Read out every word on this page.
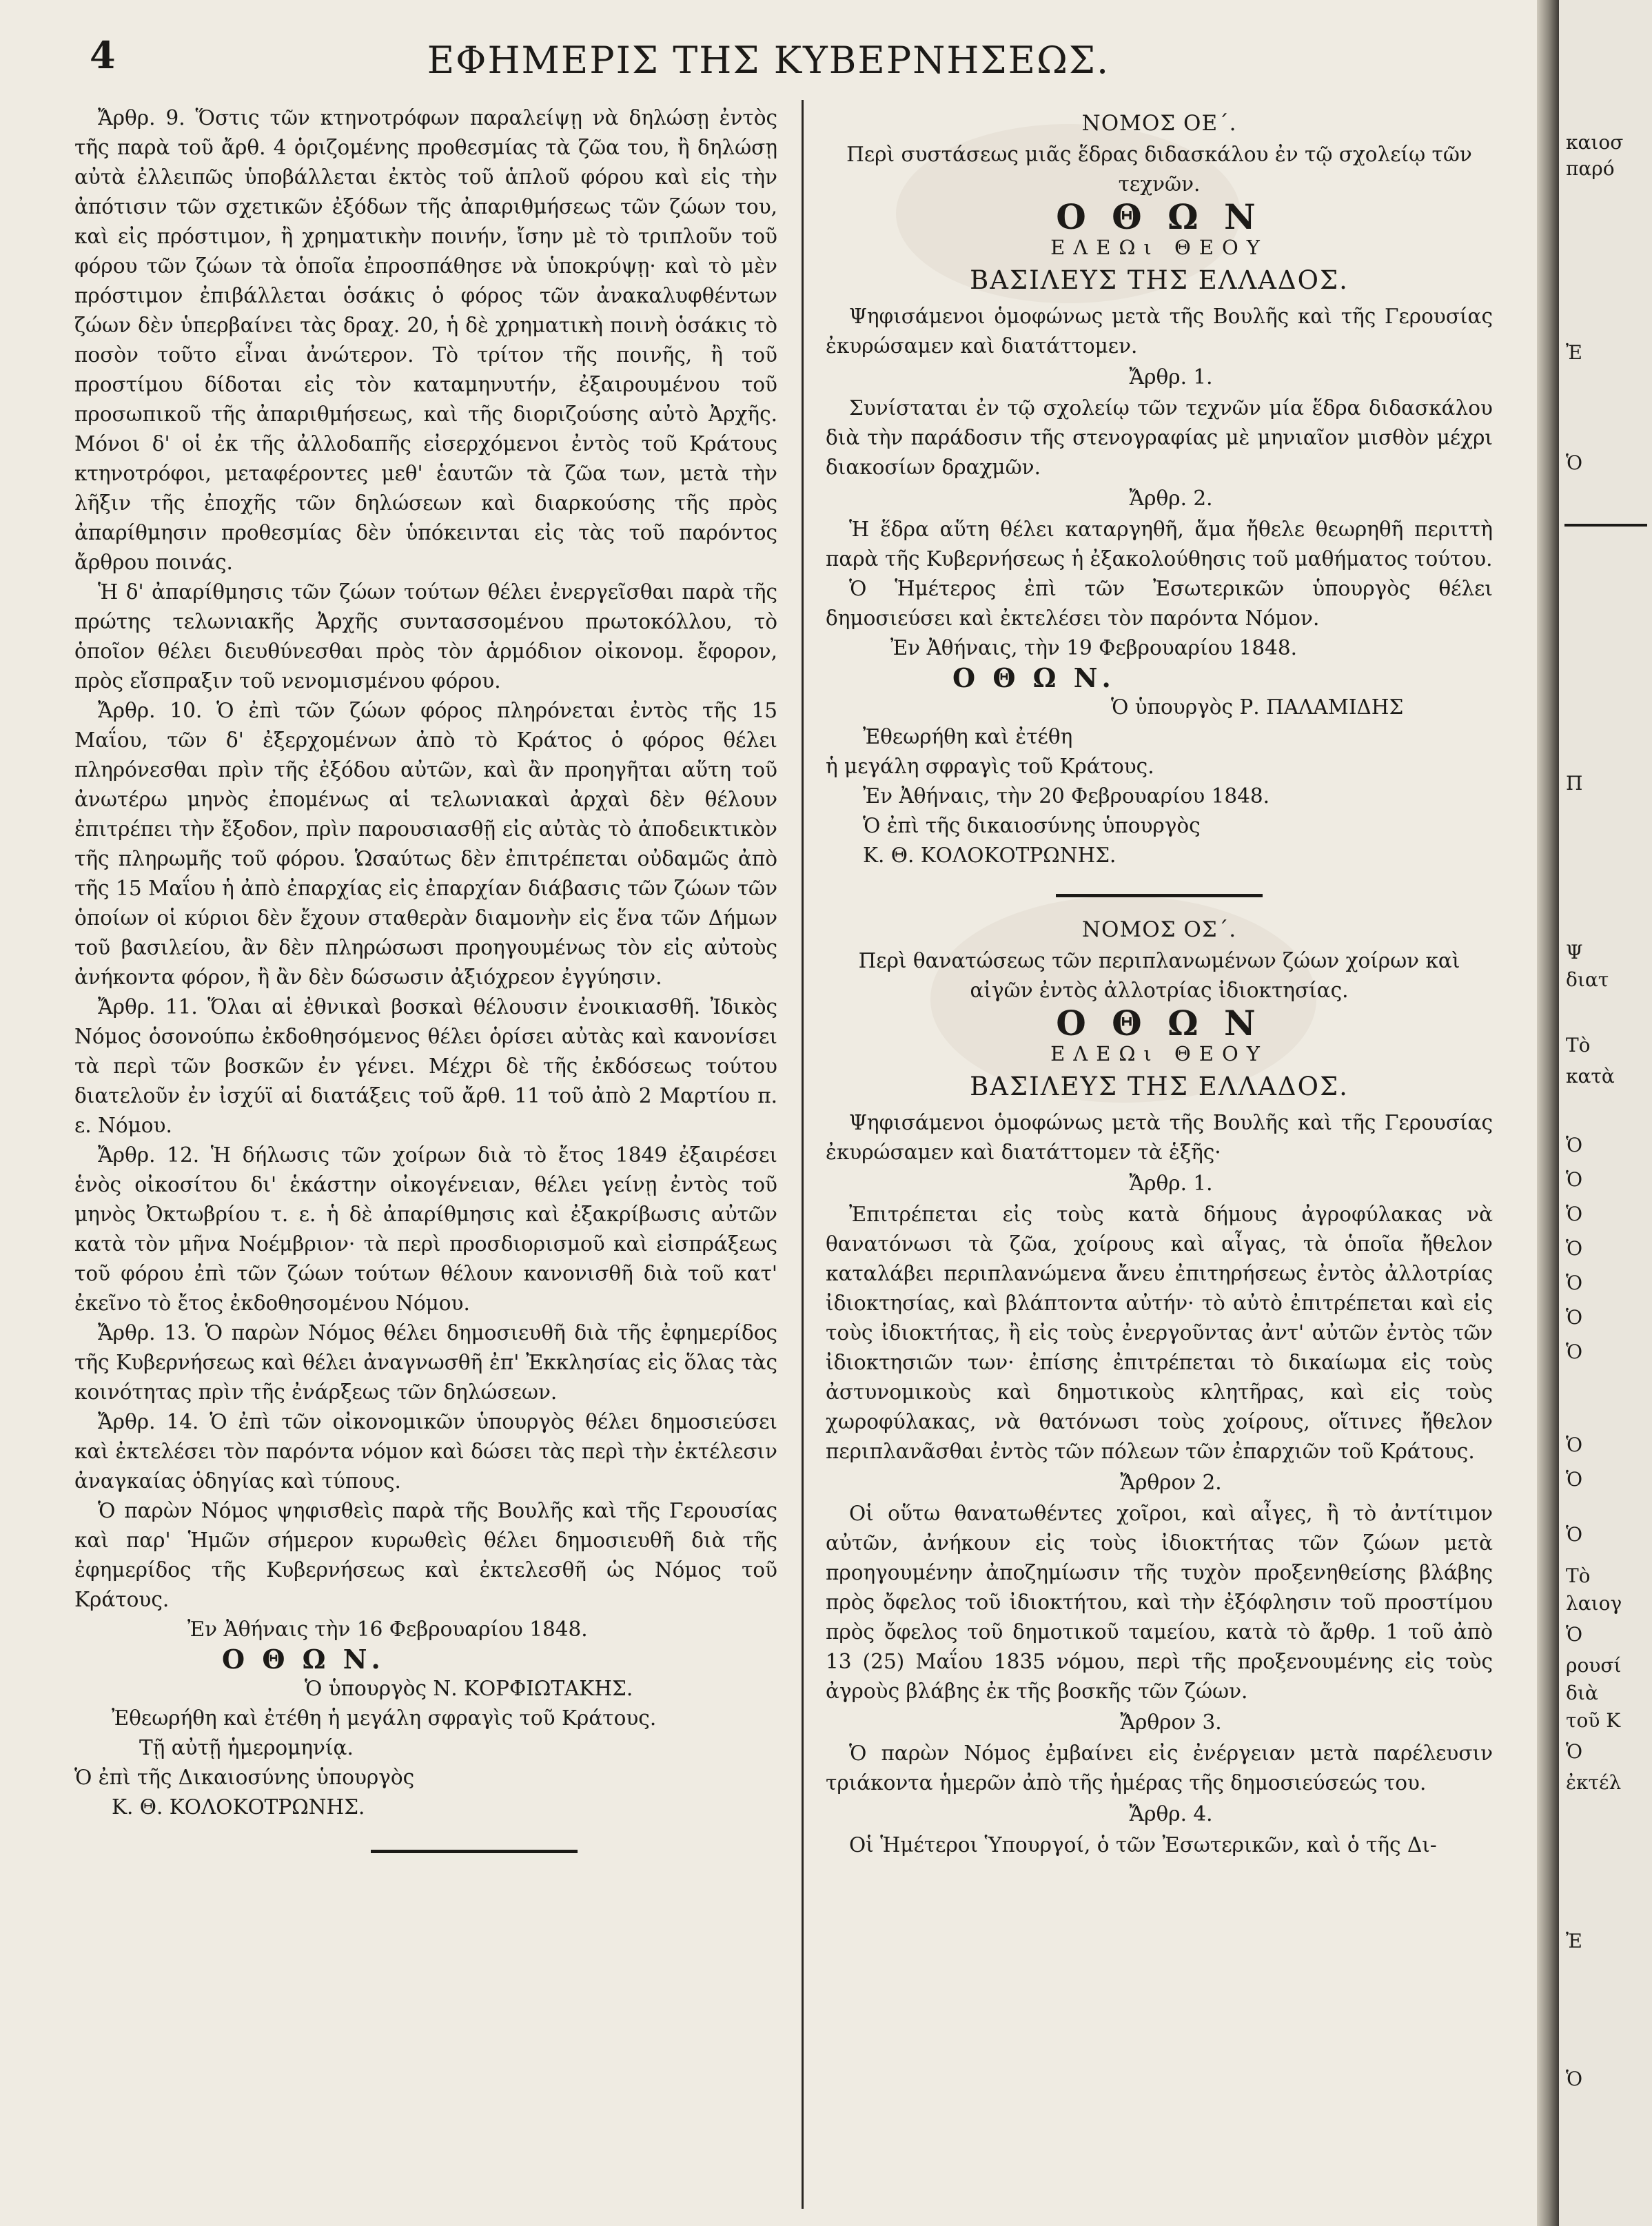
4	ΕΦΗΜΕΡΙΣ ΤΗΣ ΚΥΒΕΡΝΗΣΕΩΣ.

Ἄρθρ. 9. Ὅστις τῶν κτηνοτρόφων παραλείψῃ νὰ δηλώσῃ ἐντὸς τῆς παρὰ τοῦ ἄρθ. 4 ὁριζομένης προθεσμίας τὰ ζῶα του, ἢ δηλώσῃ αὐτὰ ἐλλειπῶς ὑποβάλλεται ἐκτὸς τοῦ ἁπλοῦ φόρου καὶ εἰς τὴν ἀπότισιν τῶν σχετικῶν ἐξόδων τῆς ἀπαριθμήσεως τῶν ζώων του, καὶ εἰς πρόστιμον, ἢ χρηματικὴν ποινήν, ἴσην μὲ τὸ τριπλοῦν τοῦ φόρου τῶν ζώων τὰ ὁποῖα ἐπροσπάθησε νὰ ὑποκρύψῃ· καὶ τὸ μὲν πρόστιμον ἐπιβάλλεται ὁσάκις ὁ φόρος τῶν ἀνακαλυφθέντων ζώων δὲν ὑπερβαίνει τὰς δραχ. 20, ἡ δὲ χρηματικὴ ποινὴ ὁσάκις τὸ ποσὸν τοῦτο εἶναι ἀνώτερον. Τὸ τρίτον τῆς ποινῆς, ἢ τοῦ προστίμου δίδοται εἰς τὸν καταμηνυτήν, ἐξαιρουμένου τοῦ προσωπικοῦ τῆς ἀπαριθμήσεως, καὶ τῆς διοριζούσης αὐτὸ Ἀρχῆς. Μόνοι δ' οἱ ἐκ τῆς ἀλλοδαπῆς εἰσερχόμενοι ἐντὸς τοῦ Κράτους κτηνοτρόφοι, μεταφέροντες μεθ' ἑαυτῶν τὰ ζῶα των, μετὰ τὴν λῆξιν τῆς ἐποχῆς τῶν δηλώσεων καὶ διαρκούσης τῆς πρὸς ἀπαρίθμησιν προθεσμίας δὲν ὑπόκεινται εἰς τὰς τοῦ παρόντος ἄρθρου ποινάς.

Ἡ δ' ἀπαρίθμησις τῶν ζώων τούτων θέλει ἐνεργεῖσθαι παρὰ τῆς πρώτης τελωνιακῆς Ἀρχῆς συντασσομένου πρωτοκόλλου, τὸ ὁποῖον θέλει διευθύνεσθαι πρὸς τὸν ἁρμόδιον οἰκονομ. ἔφορον, πρὸς εἴσπραξιν τοῦ νενομισμένου φόρου.

Ἄρθρ. 10. Ὁ ἐπὶ τῶν ζώων φόρος πληρόνεται ἐντὸς τῆς 15 Μαΐου, τῶν δ' ἐξερχομένων ἀπὸ τὸ Κράτος ὁ φόρος θέλει πληρόνεσθαι πρὶν τῆς ἐξόδου αὐτῶν, καὶ ἂν προηγῆται αὕτη τοῦ ἀνωτέρω μηνὸς ἐπομένως αἱ τελωνιακαὶ ἀρχαὶ δὲν θέλουν ἐπιτρέπει τὴν ἔξοδον, πρὶν παρουσιασθῇ εἰς αὐτὰς τὸ ἀποδεικτικὸν τῆς πληρωμῆς τοῦ φόρου. Ὡσαύτως δὲν ἐπιτρέπεται οὐδαμῶς ἀπὸ τῆς 15 Μαΐου ἡ ἀπὸ ἐπαρχίας εἰς ἐπαρχίαν διάβασις τῶν ζώων τῶν ὁποίων οἱ κύριοι δὲν ἔχουν σταθερὰν διαμονὴν εἰς ἕνα τῶν Δήμων τοῦ βασιλείου, ἂν δὲν πληρώσωσι προηγουμένως τὸν εἰς αὐτοὺς ἀνήκοντα φόρον, ἢ ἂν δὲν δώσωσιν ἀξιόχρεον ἐγγύησιν.

Ἄρθρ. 11. Ὅλαι αἱ ἐθνικαὶ βοσκαὶ θέλουσιν ἐνοικιασθῆ. Ἰδικὸς Νόμος ὁσονούπω ἐκδοθησόμενος θέλει ὁρίσει αὐτὰς καὶ κανονίσει τὰ περὶ τῶν βοσκῶν ἐν γένει. Μέχρι δὲ τῆς ἐκδόσεως τούτου διατελοῦν ἐν ἰσχύϊ αἱ διατάξεις τοῦ ἄρθ. 11 τοῦ ἀπὸ 2 Μαρτίου π. ε. Νόμου.

Ἄρθρ. 12. Ἡ δήλωσις τῶν χοίρων διὰ τὸ ἔτος 1849 ἐξαιρέσει ἑνὸς οἰκοσίτου δι' ἑκάστην οἰκογένειαν, θέλει γείνῃ ἐντὸς τοῦ μηνὸς Ὀκτωβρίου τ. ε. ἡ δὲ ἀπαρίθμησις καὶ ἐξακρίβωσις αὐτῶν κατὰ τὸν μῆνα Νοέμβριον· τὰ περὶ προσδιορισμοῦ καὶ εἰσπράξεως τοῦ φόρου ἐπὶ τῶν ζώων τούτων θέλουν κανονισθῆ διὰ τοῦ κατ' ἐκεῖνο τὸ ἔτος ἐκδοθησομένου Νόμου.

Ἄρθρ. 13. Ὁ παρὼν Νόμος θέλει δημοσιευθῆ διὰ τῆς ἐφημερίδος τῆς Κυβερνήσεως καὶ θέλει ἀναγνωσθῆ ἐπ' Ἐκκλησίας εἰς ὅλας τὰς κοινότητας πρὶν τῆς ἐνάρξεως τῶν δηλώσεων.

Ἄρθρ. 14. Ὁ ἐπὶ τῶν οἰκονομικῶν ὑπουργὸς θέλει δημοσιεύσει καὶ ἐκτελέσει τὸν παρόντα νόμον καὶ δώσει τὰς περὶ τὴν ἐκτέλεσιν ἀναγκαίας ὁδηγίας καὶ τύπους.

Ὁ παρὼν Νόμος ψηφισθεὶς παρὰ τῆς Βουλῆς καὶ τῆς Γερουσίας καὶ παρ' Ἡμῶν σήμερον κυρωθεὶς θέλει δημοσιευθῆ διὰ τῆς ἐφημερίδος τῆς Κυβερνήσεως καὶ ἐκτελεσθῆ ὡς Νόμος τοῦ Κράτους.

Ἐν Ἀθήναις τὴν 16 Φεβρουαρίου 1848.

Ο Θ Ω Ν.

Ὁ ὑπουργὸς Ν. ΚΟΡΦΙΩΤΑΚΗΣ.

Ἐθεωρήθη καὶ ἐτέθη ἡ μεγάλη σφραγὶς τοῦ Κράτους.

Τῇ αὐτῇ ἡμερομηνίᾳ.

Ὁ ἐπὶ τῆς Δικαιοσύνης ὑπουργὸς

Κ. Θ. ΚΟΛΟΚΟΤΡΩΝΗΣ.

ΝΟΜΟΣ ΟΕ΄.
Περὶ συστάσεως μιᾶς ἕδρας διδασκάλου ἐν τῷ σχολείῳ τῶν τεχνῶν.
Ο Θ Ω Ν
ΕΛΕΩι ΘΕΟΥ
ΒΑΣΙΛΕΥΣ ΤΗΣ ΕΛΛΑΔΟΣ.

Ψηφισάμενοι ὁμοφώνως μετὰ τῆς Βουλῆς καὶ τῆς Γερουσίας ἐκυρώσαμεν καὶ διατάττομεν.

Ἄρθρ. 1.

Συνίσταται ἐν τῷ σχολείῳ τῶν τεχνῶν μία ἕδρα διδασκάλου διὰ τὴν παράδοσιν τῆς στενογραφίας μὲ μηνιαῖον μισθὸν μέχρι διακοσίων δραχμῶν.

Ἄρθρ. 2.

Ἡ ἕδρα αὕτη θέλει καταργηθῆ, ἅμα ἤθελε θεωρηθῆ περιττὴ παρὰ τῆς Κυβερνήσεως ἡ ἐξακολούθησις τοῦ μαθήματος τούτου.

Ὁ Ἡμέτερος ἐπὶ τῶν Ἐσωτερικῶν ὑπουργὸς θέλει δημοσιεύσει καὶ ἐκτελέσει τὸν παρόντα Νόμον.

Ἐν Ἀθήναις, τὴν 19 Φεβρουαρίου 1848.

Ο Θ Ω Ν.

Ὁ ὑπουργὸς Ρ. ΠΑΛΑΜΙΔΗΣ

Ἐθεωρήθη καὶ ἐτέθη

ἡ μεγάλη σφραγὶς τοῦ Κράτους.

Ἐν Ἀθήναις, τὴν 20 Φεβρουαρίου 1848.

Ὁ ἐπὶ τῆς δικαιοσύνης ὑπουργὸς

Κ. Θ. ΚΟΛΟΚΟΤΡΩΝΗΣ.

ΝΟΜΟΣ ΟΣ΄.
Περὶ θανατώσεως τῶν περιπλανωμένων ζώων χοίρων καὶ αἰγῶν ἐντὸς ἀλλοτρίας ἰδιοκτησίας.
Ο Θ Ω Ν
ΕΛΕΩι ΘΕΟΥ
ΒΑΣΙΛΕΥΣ ΤΗΣ ΕΛΛΑΔΟΣ.

Ψηφισάμενοι ὁμοφώνως μετὰ τῆς Βουλῆς καὶ τῆς Γερουσίας ἐκυρώσαμεν καὶ διατάττομεν τὰ ἑξῆς·

Ἄρθρ. 1.

Ἐπιτρέπεται εἰς τοὺς κατὰ δήμους ἀγροφύλακας νὰ θανατόνωσι τὰ ζῶα, χοίρους καὶ αἶγας, τὰ ὁποῖα ἤθελον καταλάβει περιπλανώμενα ἄνευ ἐπιτηρήσεως ἐντὸς ἀλλοτρίας ἰδιοκτησίας, καὶ βλάπτοντα αὐτήν· τὸ αὐτὸ ἐπιτρέπεται καὶ εἰς τοὺς ἰδιοκτήτας, ἢ εἰς τοὺς ἐνεργοῦντας ἀντ' αὐτῶν ἐντὸς τῶν ἰδιοκτησιῶν των· ἐπίσης ἐπιτρέπεται τὸ δικαίωμα εἰς τοὺς ἀστυνομικοὺς καὶ δημοτικοὺς κλητῆρας, καὶ εἰς τοὺς χωροφύλακας, νὰ θατόνωσι τοὺς χοίρους, οἵτινες ἤθελον περιπλανᾶσθαι ἐντὸς τῶν πόλεων τῶν ἐπαρχιῶν τοῦ Κράτους.

Ἄρθρον 2.

Οἱ οὕτω θανατωθέντες χοῖροι, καὶ αἶγες, ἢ τὸ ἀντίτιμον αὐτῶν, ἀνήκουν εἰς τοὺς ἰδιοκτήτας τῶν ζώων μετὰ προηγουμένην ἀποζημίωσιν τῆς τυχὸν προξενηθείσης βλάβης πρὸς ὄφελος τοῦ ἰδιοκτήτου, καὶ τὴν ἐξόφλησιν τοῦ προστίμου πρὸς ὄφελος τοῦ δημοτικοῦ ταμείου, κατὰ τὸ ἄρθρ. 1 τοῦ ἀπὸ 13 (25) Μαΐου 1835 νόμου, περὶ τῆς προξενουμένης εἰς τοὺς ἀγροὺς βλάβης ἐκ τῆς βοσκῆς τῶν ζώων.

Ἄρθρον 3.

Ὁ παρὼν Νόμος ἐμβαίνει εἰς ἐνέργειαν μετὰ παρέλευσιν τριάκοντα ἡμερῶν ἀπὸ τῆς ἡμέρας τῆς δημοσιεύσεώς του.

Ἄρθρ. 4.

Οἱ Ἡμέτεροι Ὑπουργοί, ὁ τῶν Ἐσωτερικῶν, καὶ ὁ τῆς Δι-

καιοσ
παρό
Ἐ
Ὁ
Π
Ψ
διατ
Τὸ
κατὰ
Ὁ
Ὁ
Ὁ
Ὁ
Ὁ
Ὁ
Ὁ
Ὁ
Ὁ
Ὁ
Τὸ
λαιογ
Ὁ
ρουσί
διὰ
τοῦ Κ
Ὁ
ἐκτέλ
Ἐ
Ὁ
